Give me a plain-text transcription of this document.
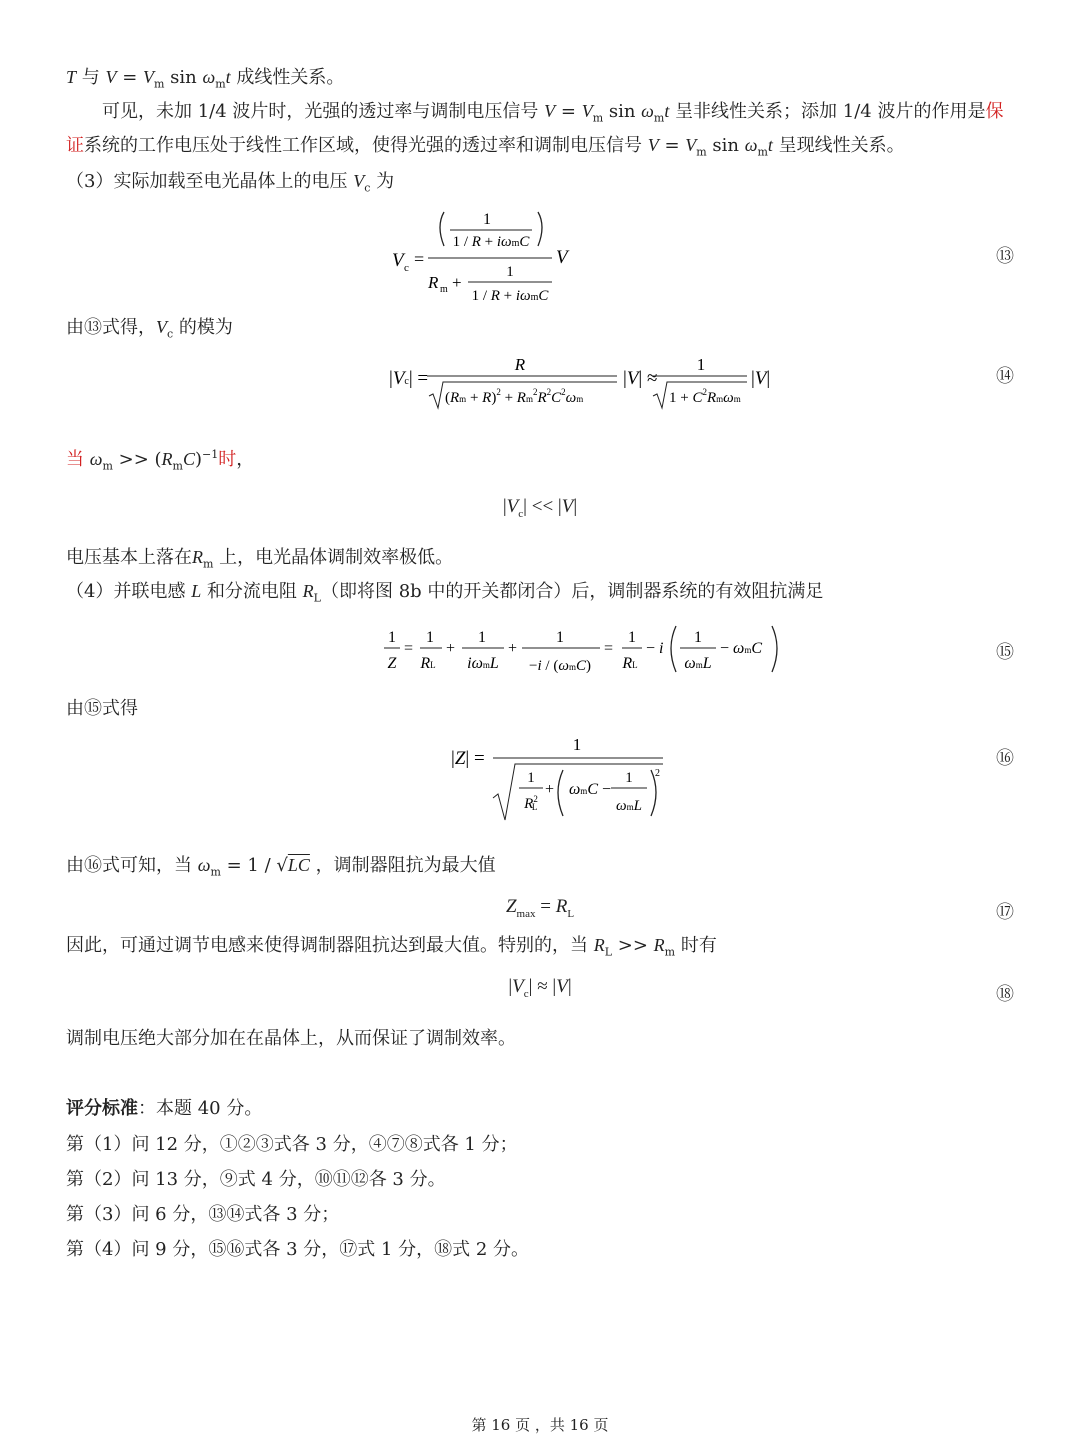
T 与 $V = V_m$ $\sin \omega_mt$ 成线性关系。
可见，未加 1/4 波片时，光强的透过率与调制电压信号 $V = V_m$ $\sin \omega_mt$ 呈非线性关系；添加 1/4 波片的作用是保
证系统的工作电压处于线性工作区域，使得光强的透过率和调制电压信号 $V = V_m$ $\sin \omega_mt$ 呈现线性关系。
（3）实际加载至电光晶体上的电压 $V_c$ 为
V c =
1
1 / R + iωmC
V
R m +
1
1 / R + iωmC
⑬
由⑬式得，$V_c$ 的模为
|Vc| =
R
$(Rm + R)^2 + Rm^2R^2C^2\omega m$
|V| ≈
1
$1 + C^2Rm\omega m$
|V|	⑭
当 $\omega_m >> (R_mC)^{-1}$时，
$|V_c| << |V|$
电压基本上落在$R_m$ 上，电光晶体调制效率极低。
（4）并联电感 L 和分流电阻 $R_L$（即将图 8b 中的开关都闭合）后，调制器系统的有效阻抗满足
1
Z
=
1
RL
+
1
iωmL
+
1
−i / (ωmC)
=
1
RL
− i
1
ωmL
− ωmC	⑮
由⑮式得
|Z| =
1
1
$R^2$ L
+ ωmC −
1
ωmL
2
⑯
由⑯式可知，当 $\omega_m = 1 / √LC$ ，调制器阻抗为最大值
$Z_{max} = R_L$	⑰
因此，可通过调节电感来使得调制器阻抗达到最大值。特别的，当 $R_L >> R_m$ 时有
$|V_c| \approx |V|$	⑱
调制电压绝大部分加在在晶体上，从而保证了调制效率。
评分标准：本题 40 分。
第（1）问 12 分，①②③式各 3 分，④⑦⑧式各 1 分；
第（2）问 13 分，⑨式 4 分，⑩⑪⑫各 3 分。
第（3）问 6 分，⑬⑭式各 3 分；
第（4）问 9 分，⑮⑯式各 3 分，⑰式 1 分，⑱式 2 分。
第 16 页 ，共 16 页
